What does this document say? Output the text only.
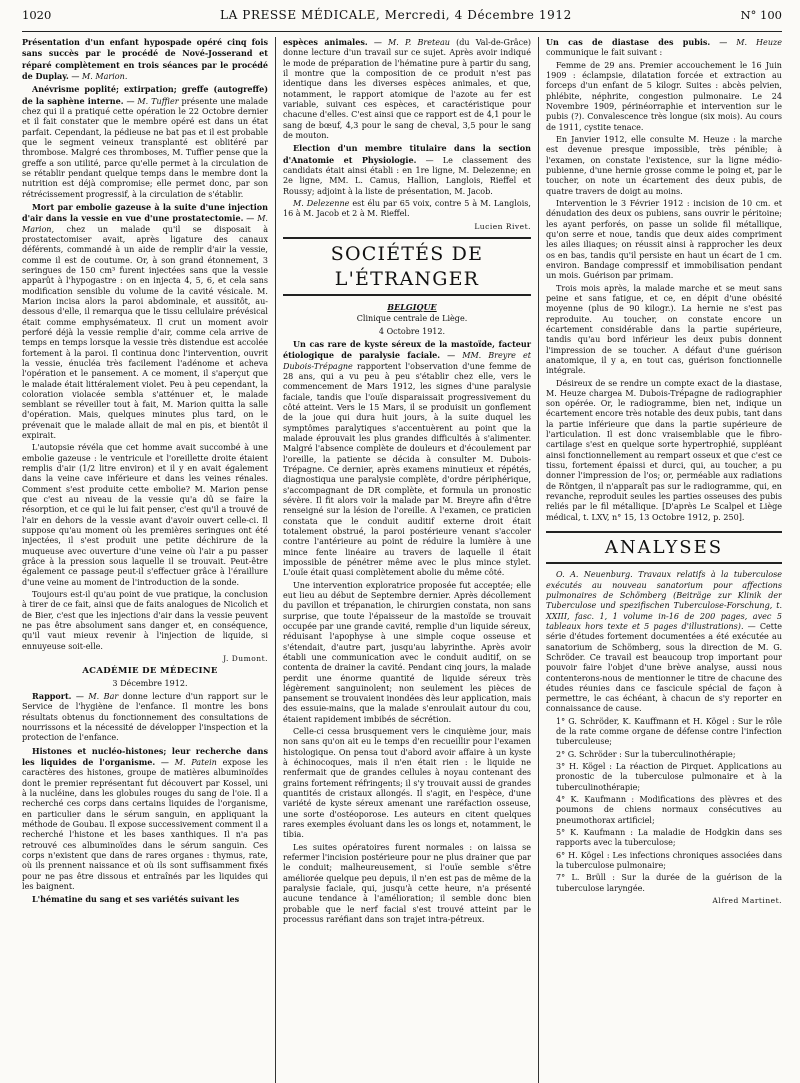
1020	LA PRESSE MÉDICALE, Mercredi, 4 Décembre 1912	N° 100

Présentation d'un enfant hypospade opéré cinq fois sans succès par le procédé de Nové-Josserand et réparé complètement en trois séances par le procédé de Duplay. — M. Marion.

Anévrisme poplité; extirpation; greffe (autogreffe) de la saphène interne. — M. Tuffier présente une malade chez qui il a pratiqué cette opération le 22 Octobre dernier et il fait constater que le membre opéré est dans un état parfait. Cependant, la pédieuse ne bat pas et il est probable que le segment veineux transplanté est oblitéré par thrombose. Malgré ces thromboses, M. Tuffier pense que la greffe a son utilité, parce qu'elle permet à la circulation de se rétablir pendant quelque temps dans le membre dont la nutrition est déjà compromise; elle permet donc, par son rétrécissement progressif, à la circulation de s'établir.

Mort par embolie gazeuse à la suite d'une injection d'air dans la vessie en vue d'une prostatectomie. — M. Marion, chez un malade qu'il se disposait à prostatectomiser avait, après ligature des canaux déférents, commandé à un aide de remplir d'air la vessie, comme il est de coutume. Or, à son grand étonnement, 3 seringues de 150 cm³ furent injectées sans que la vessie apparût à l'hypogastre : on en injecta 4, 5, 6, et cela sans modification sensible du volume de la cavité vésicale. M. Marion incisa alors la paroi abdominale, et aussitôt, au-dessous d'elle, il remarqua que le tissu cellulaire prévésical était comme emphysémateux. Il crut un moment avoir perforé déjà la vessie remplie d'air, comme cela arrive de temps en temps lorsque la vessie très distendue est accolée fortement à la paroi. Il continua donc l'intervention, ouvrit la vessie, énucléa très facilement l'adénome et acheva l'opération et le pansement. A ce moment, il s'aperçut que le malade était littéralement violet. Peu à peu cependant, la coloration violacée sembla s'atténuer et, le malade semblant se réveiller tout à fait, M. Marion quitta la salle d'opération. Mais, quelques minutes plus tard, on le prévenait que le malade allait de mal en pis, et bientôt il expirait.

L'autopsie révéla que cet homme avait succombé à une embolie gazeuse : le ventricule et l'oreillette droite étaient remplis d'air (1/2 litre environ) et il y en avait également dans la veine cave inférieure et dans les veines rénales. Comment s'est produite cette embolie? M. Marion pense que c'est au niveau de la vessie qu'a dû se faire la résorption, et ce qui le lui fait penser, c'est qu'il a trouvé de l'air en dehors de la vessie avant d'avoir ouvert celle-ci. Il suppose qu'au moment où les premières seringues ont été injectées, il s'est produit une petite déchirure de la muqueuse avec ouverture d'une veine où l'air a pu passer grâce à la pression sous laquelle il se trouvait. Peut-être également ce passage peut-il s'effectuer grâce à l'éraillure d'une veine au moment de l'introduction de la sonde.

Toujours est-il qu'au point de vue pratique, la conclusion à tirer de ce fait, ainsi que de faits analogues de Nicolich et de Bier, c'est que les injections d'air dans la vessie peuvent ne pas être absolument sans danger et, en conséquence, qu'il vaut mieux revenir à l'injection de liquide, si ennuyeuse soit-elle.

J. Dumont.

ACADÉMIE DE MÉDECINE

3 Décembre 1912.

Rapport. — M. Bar donne lecture d'un rapport sur le Service de l'hygiène de l'enfance. Il montre les bons résultats obtenus du fonctionnement des consultations de nourrissons et la nécessité de développer l'inspection et la protection de l'enfance.

Histones et nucléo-histones; leur recherche dans les liquides de l'organisme. — M. Patein expose les caractères des histones, groupe de matières albuminoïdes dont le premier représentant fut découvert par Kossel, uni à la nucléine, dans les globules rouges du sang de l'oie. Il a recherché ces corps dans certains liquides de l'organisme, en particulier dans le sérum sanguin, en appliquant la méthode de Goubau. Il expose successivement comment il a recherché l'histone et les bases xanthiques. Il n'a pas retrouvé ces albuminoïdes dans le sérum sanguin. Ces corps n'existent que dans de rares organes : thymus, rate, où ils prennent naissance et où ils sont suffisamment fixés pour ne pas être dissous et entraînés par les liquides qui les baignent.

L'hématine du sang et ses variétés suivant les

espèces animales. — M. P. Breteau (du Val-de-Grâce) donne lecture d'un travail sur ce sujet. Après avoir indiqué le mode de préparation de l'hématine pure à partir du sang, il montre que la composition de ce produit n'est pas identique dans les diverses espèces animales, et que, notamment, le rapport atomique de l'azote au fer est variable, suivant ces espèces, et caractéristique pour chacune d'elles. C'est ainsi que ce rapport est de 4,1 pour le sang de bœuf, 4,3 pour le sang de cheval, 3,5 pour le sang de mouton.

Election d'un membre titulaire dans la section d'Anatomie et Physiologie. — Le classement des candidats était ainsi établi : en 1re ligne, M. Delezenne; en 2e ligne, MM. L. Camus, Hallion, Langlois, Rieffel et Roussy; adjoint à la liste de présentation, M. Jacob.

M. Delezenne est élu par 65 voix, contre 5 à M. Langlois, 16 à M. Jacob et 2 à M. Rieffel.

Lucien Rivet.

SOCIÉTÉS DE L'ÉTRANGER

BELGIQUE

Clinique centrale de Liège.

4 Octobre 1912.

Un cas rare de kyste séreux de la mastoïde, facteur étiologique de paralysie faciale. — MM. Breyre et Dubois-Trépagne rapportent l'observation d'une femme de 28 ans, qui a vu peu à peu s'établir chez elle, vers le commencement de Mars 1912, les signes d'une paralysie faciale, tandis que l'ouïe disparaissait progressivement du côté atteint. Vers le 15 Mars, il se produisit un gonflement de la joue qui dura huit jours, à la suite duquel les symptômes paralytiques s'accentuèrent au point que la malade éprouvait les plus grandes difficultés à s'alimenter. Malgré l'absence complète de douleurs et d'écoulement par l'oreille, la patiente se décida à consulter M. Dubois-Trépagne. Ce dernier, après examens minutieux et répétés, diagnostiqua une paralysie complète, d'ordre périphérique, s'accompagnant de DR complète, et formula un pronostic sévère. Il fit alors voir la malade par M. Breyre afin d'être renseigné sur la lésion de l'oreille. A l'examen, ce praticien constata que le conduit auditif externe droit était totalement obstrué, la paroi postérieure venant s'accoler contre l'antérieure au point de réduire la lumière à une mince fente linéaire au travers de laquelle il était impossible de pénétrer même avec le plus mince stylet. L'ouïe était quasi complètement abolie du même côté.

Une intervention exploratrice proposée fut acceptée; elle eut lieu au début de Septembre dernier. Après décollement du pavillon et trépanation, le chirurgien constata, non sans surprise, que toute l'épaisseur de la mastoïde se trouvait occupée par une grande cavité, remplie d'un liquide séreux, réduisant l'apophyse à une simple coque osseuse et s'étendait, d'autre part, jusqu'au labyrinthe. Après avoir établi une communication avec le conduit auditif, on se contenta de drainer la cavité. Pendant cinq jours, la malade perdit une énorme quantité de liquide séreux très légèrement sanguinolent; non seulement les pièces de pansement se trouvaient inondées dès leur application, mais des essuie-mains, que la malade s'enroulait autour du cou, étaient rapidement imbibés de sécrétion.

Celle-ci cessa brusquement vers le cinquième jour, mais non sans qu'on ait eu le temps d'en recueillir pour l'examen histologique. On pensa tout d'abord avoir affaire à un kyste à échinocoques, mais il n'en était rien : le liquide ne renfermait que de grandes cellules à noyau contenant des grains fortement réfringents; il s'y trouvait aussi de grandes quantités de cristaux allongés. Il s'agit, en l'espèce, d'une variété de kyste séreux amenant une raréfaction osseuse, une sorte d'ostéoporose. Les auteurs en citent quelques rares exemples évoluant dans les os longs et, notamment, le tibia.

Les suites opératoires furent normales : on laissa se refermer l'incision postérieure pour ne plus drainer que par le conduit; malheureusement, si l'ouïe semble s'être améliorée quelque peu depuis, il n'en est pas de même de la paralysie faciale, qui, jusqu'à cette heure, n'a présenté aucune tendance à l'amélioration; il semble donc bien probable que le nerf facial s'est trouvé atteint par le processus raréfiant dans son trajet intra-pétreux.

Un cas de diastase des pubis. — M. Heuze communique le fait suivant :

Femme de 29 ans. Premier accouchement le 16 Juin 1909 : éclampsie, dilatation forcée et extraction au forceps d'un enfant de 5 kilogr. Suites : abcès pelvien, phlébite, néphrite, congestion pulmonaire. Le 24 Novembre 1909, périnéorraphie et intervention sur le pubis (?). Convalescence très longue (six mois). Au cours de 1911, cystite tenace.

En Janvier 1912, elle consulte M. Heuze : la marche est devenue presque impossible, très pénible; à l'examen, on constate l'existence, sur la ligne médio-pubienne, d'une hernie grosse comme le poing et, par le toucher, on note un écartement des deux pubis, de quatre travers de doigt au moins.

Intervention le 3 Février 1912 : incision de 10 cm. et dénudation des deux os pubiens, sans ouvrir le péritoine; les ayant perforés, on passe un solide fil métallique, qu'on serre et noue, tandis que deux aides compriment les ailes iliaques; on réussit ainsi à rapprocher les deux os en bas, tandis qu'il persiste en haut un écart de 1 cm. environ. Bandage compressif et immobilisation pendant un mois. Guérison par primam.

Trois mois après, la malade marche et se meut sans peine et sans fatigue, et ce, en dépit d'une obésité moyenne (plus de 90 kilogr.). La hernie ne s'est pas reproduite. Au toucher, on constate encore un écartement considérable dans la partie supérieure, tandis qu'au bord inférieur les deux pubis donnent l'impression de se toucher. A défaut d'une guérison anatomique, il y a, en tout cas, guérison fonctionnelle intégrale.

Désireux de se rendre un compte exact de la diastase, M. Heuze chargea M. Dubois-Trépagne de radiographier son opérée. Or, le radiogramme, bien net, indique un écartement encore très notable des deux pubis, tant dans la partie inférieure que dans la partie supérieure de l'articulation. Il est donc vraisemblable que le fibro-cartilage s'est en quelque sorte hypertrophié, suppléant ainsi fonctionnellement au rempart osseux et que c'est ce tissu, fortement épaissi et durci, qui, au toucher, a pu donner l'impression de l'os; or, perméable aux radiations de Röntgen, il n'apparaît pas sur le radiogramme, qui, en revanche, reproduit seules les parties osseuses des pubis reliés par le fil métallique. [D'après Le Scalpel et Liège médical, t. LXV, n° 15, 13 Octobre 1912, p. 250].

ANALYSES

O. A. Neuenburg. Travaux relatifs à la tuberculose exécutés au nouveau sanatorium pour affections pulmonaires de Schömberg (Beiträge zur Klinik der Tuberculose und spezifischen Tuberculose-Forschung, t. XXIII, fasc. 1, 1 volume in-16 de 200 pages, avec 5 tableaux hors texte et 5 pages d'illustrations). — Cette série d'études fortement documentées a été exécutée au sanatorium de Schömberg, sous la direction de M. G. Schröder. Ce travail est beaucoup trop important pour pouvoir faire l'objet d'une brève analyse, aussi nous contenterons-nous de mentionner le titre de chacune des études réunies dans ce fascicule spécial de façon à permettre, le cas échéant, à chacun de s'y reporter en connaissance de cause.

1° G. Schröder, K. Kauffmann et H. Kögel : Sur le rôle de la rate comme organe de défense contre l'infection tuberculeuse;

2° G. Schröder : Sur la tuberculinothérapie;

3° H. Kögel : La réaction de Pirquet. Applications au pronostic de la tuberculose pulmonaire et à la tuberculinothérapie;

4° K. Kaufmann : Modifications des plèvres et des poumons de chiens normaux consécutives au pneumothorax artificiel;

5° K. Kaufmann : La maladie de Hodgkin dans ses rapports avec la tuberculose;

6° H. Kögel : Les infections chroniques associées dans la tuberculose pulmonaire;

7° L. Brüll : Sur la durée de la guérison de la tuberculose laryngée.

Alfred Martinet.
